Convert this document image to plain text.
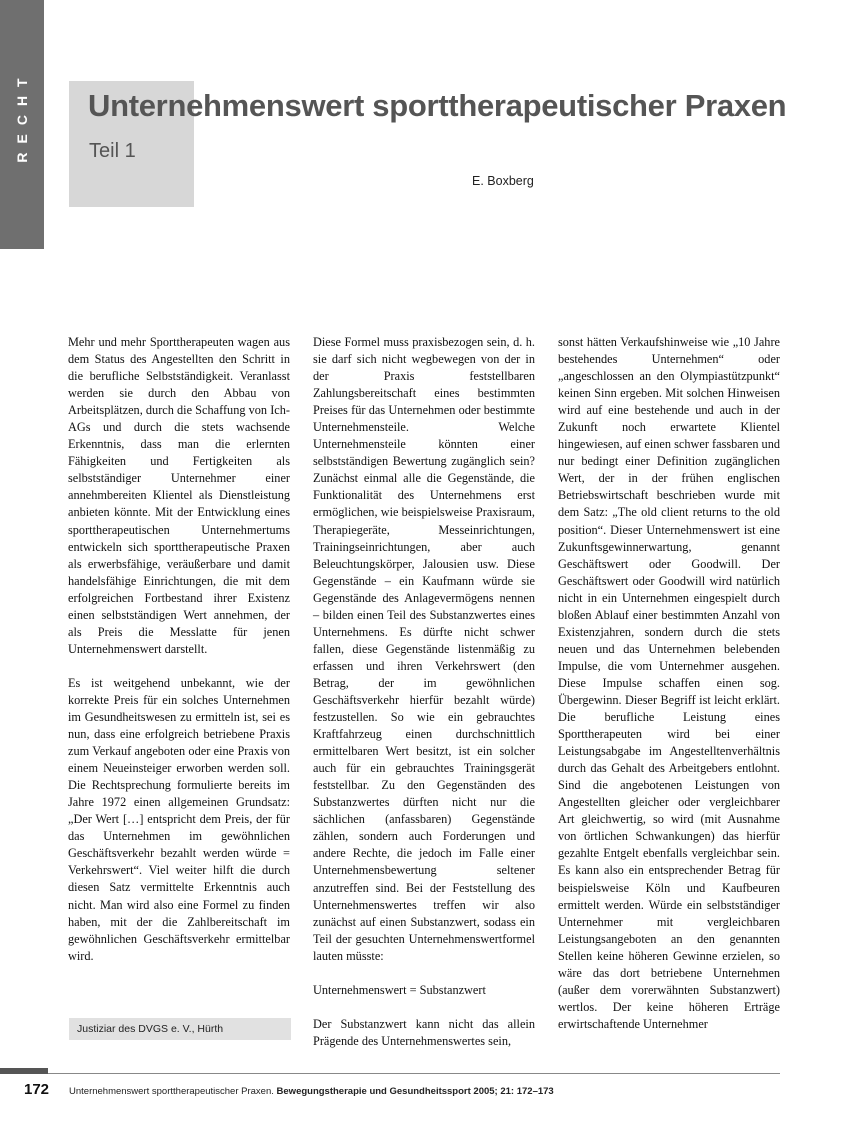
RECHT Unternehmenswert sporttherapeutischer Praxen
Teil 1
E. Boxberg

Mehr und mehr Sporttherapeuten wagen aus dem Status des Angestellten den Schritt in die berufliche Selbstständigkeit. Veranlasst werden sie durch den Abbau von Arbeitsplätzen, durch die Schaffung von Ich-AGs und durch die stets wachsende Erkenntnis, dass man die erlernten Fähigkeiten und Fertigkeiten als selbstständiger Unternehmer einer annehmbereiten Klientel als Dienstleistung anbieten könnte. Mit der Entwicklung eines sporttherapeutischen Unternehmertums entwickeln sich sporttherapeutische Praxen als erwerbsfähige, veräußerbare und damit handelsfähige Einrichtungen, die mit dem erfolgreichen Fortbestand ihrer Existenz einen selbstständigen Wert annehmen, der als Preis die Messlatte für jenen Unternehmenswert darstellt.

Es ist weitgehend unbekannt, wie der korrekte Preis für ein solches Unternehmen im Gesundheitswesen zu ermitteln ist, sei es nun, dass eine erfolgreich betriebene Praxis zum Verkauf angeboten oder eine Praxis von einem Neueinsteiger erworben werden soll. Die Rechtsprechung formulierte bereits im Jahre 1972 einen allgemeinen Grundsatz: „Der Wert […] entspricht dem Preis, der für das Unternehmen im gewöhnlichen Geschäftsverkehr bezahlt werden würde = Verkehrswert“. Viel weiter hilft die durch diesen Satz vermittelte Erkenntnis auch nicht. Man wird also eine Formel zu finden haben, mit der die Zahlbereitschaft im gewöhnlichen Geschäftsverkehr ermittelbar wird.

Diese Formel muss praxisbezogen sein, d. h. sie darf sich nicht wegbewegen von der in der Praxis feststellbaren Zahlungsbereitschaft eines bestimmten Preises für das Unternehmen oder bestimmte Unternehmensteile. Welche Unternehmensteile könnten einer selbstständigen Bewertung zugänglich sein? Zunächst einmal alle die Gegenstände, die Funktionalität des Unternehmens erst ermöglichen, wie beispielsweise Praxisraum, Therapiegeräte, Messeinrichtungen, Trainingseinrichtungen, aber auch Beleuchtungskörper, Jalousien usw. Diese Gegenstände – ein Kaufmann würde sie Gegenstände des Anlagevermögens nennen – bilden einen Teil des Substanzwertes eines Unternehmens. Es dürfte nicht schwer fallen, diese Gegenstände listenmäßig zu erfassen und ihren Verkehrswert (den Betrag, der im gewöhnlichen Geschäftsverkehr hierfür bezahlt würde) festzustellen. So wie ein gebrauchtes Kraftfahrzeug einen durchschnittlich ermittelbaren Wert besitzt, ist ein solcher auch für ein gebrauchtes Trainingsgerät feststellbar. Zu den Gegenständen des Substanzwertes dürften nicht nur die sächlichen (anfassbaren) Gegenstände zählen, sondern auch Forderungen und andere Rechte, die jedoch im Falle einer Unternehmensbewertung seltener anzutreffen sind. Bei der Feststellung des Unternehmenswertes treffen wir also zunächst auf einen Substanzwert, sodass ein Teil der gesuchten Unternehmenswertformel lauten müsste:

Unternehmenswert = Substanzwert

Der Substanzwert kann nicht das allein Prägende des Unternehmenswertes sein,

sonst hätten Verkaufshinweise wie „10 Jahre bestehendes Unternehmen“ oder „angeschlossen an den Olympiastützpunkt“ keinen Sinn ergeben. Mit solchen Hinweisen wird auf eine bestehende und auch in der Zukunft noch erwartete Klientel hingewiesen, auf einen schwer fassbaren und nur bedingt einer Definition zugänglichen Wert, der in der frühen englischen Betriebswirtschaft beschrieben wurde mit dem Satz: „The old client returns to the old position“. Dieser Unternehmenswert ist eine Zukunftsgewinnerwartung, genannt Geschäftswert oder Goodwill. Der Geschäftswert oder Goodwill wird natürlich nicht in ein Unternehmen eingespielt durch bloßen Ablauf einer bestimmten Anzahl von Existenzjahren, sondern durch die stets neuen und das Unternehmen belebenden Impulse, die vom Unternehmer ausgehen. Diese Impulse schaffen einen sog. Übergewinn. Dieser Begriff ist leicht erklärt. Die berufliche Leistung eines Sporttherapeuten wird bei einer Leistungsabgabe im Angestelltenverhältnis durch das Gehalt des Arbeitgebers entlohnt. Sind die angebotenen Leistungen von Angestellten gleicher oder vergleichbarer Art gleichwertig, so wird (mit Ausnahme von örtlichen Schwankungen) das hierfür gezahlte Entgelt ebenfalls vergleichbar sein. Es kann also ein entsprechender Betrag für beispielsweise Köln und Kaufbeuren ermittelt werden. Würde ein selbstständiger Unternehmer mit vergleichbaren Leistungsangeboten an den genannten Stellen keine höheren Gewinne erzielen, so wäre das dort betriebene Unternehmen (außer dem vorerwähnten Substanzwert) wertlos. Der keine höheren Erträge erwirtschaftende Unternehmer

Justiziar des DVGS e. V., Hürth
172 Unternehmenswert sporttherapeutischer Praxen. Bewegungstherapie und Gesundheitssport 2005; 21: 172–173
